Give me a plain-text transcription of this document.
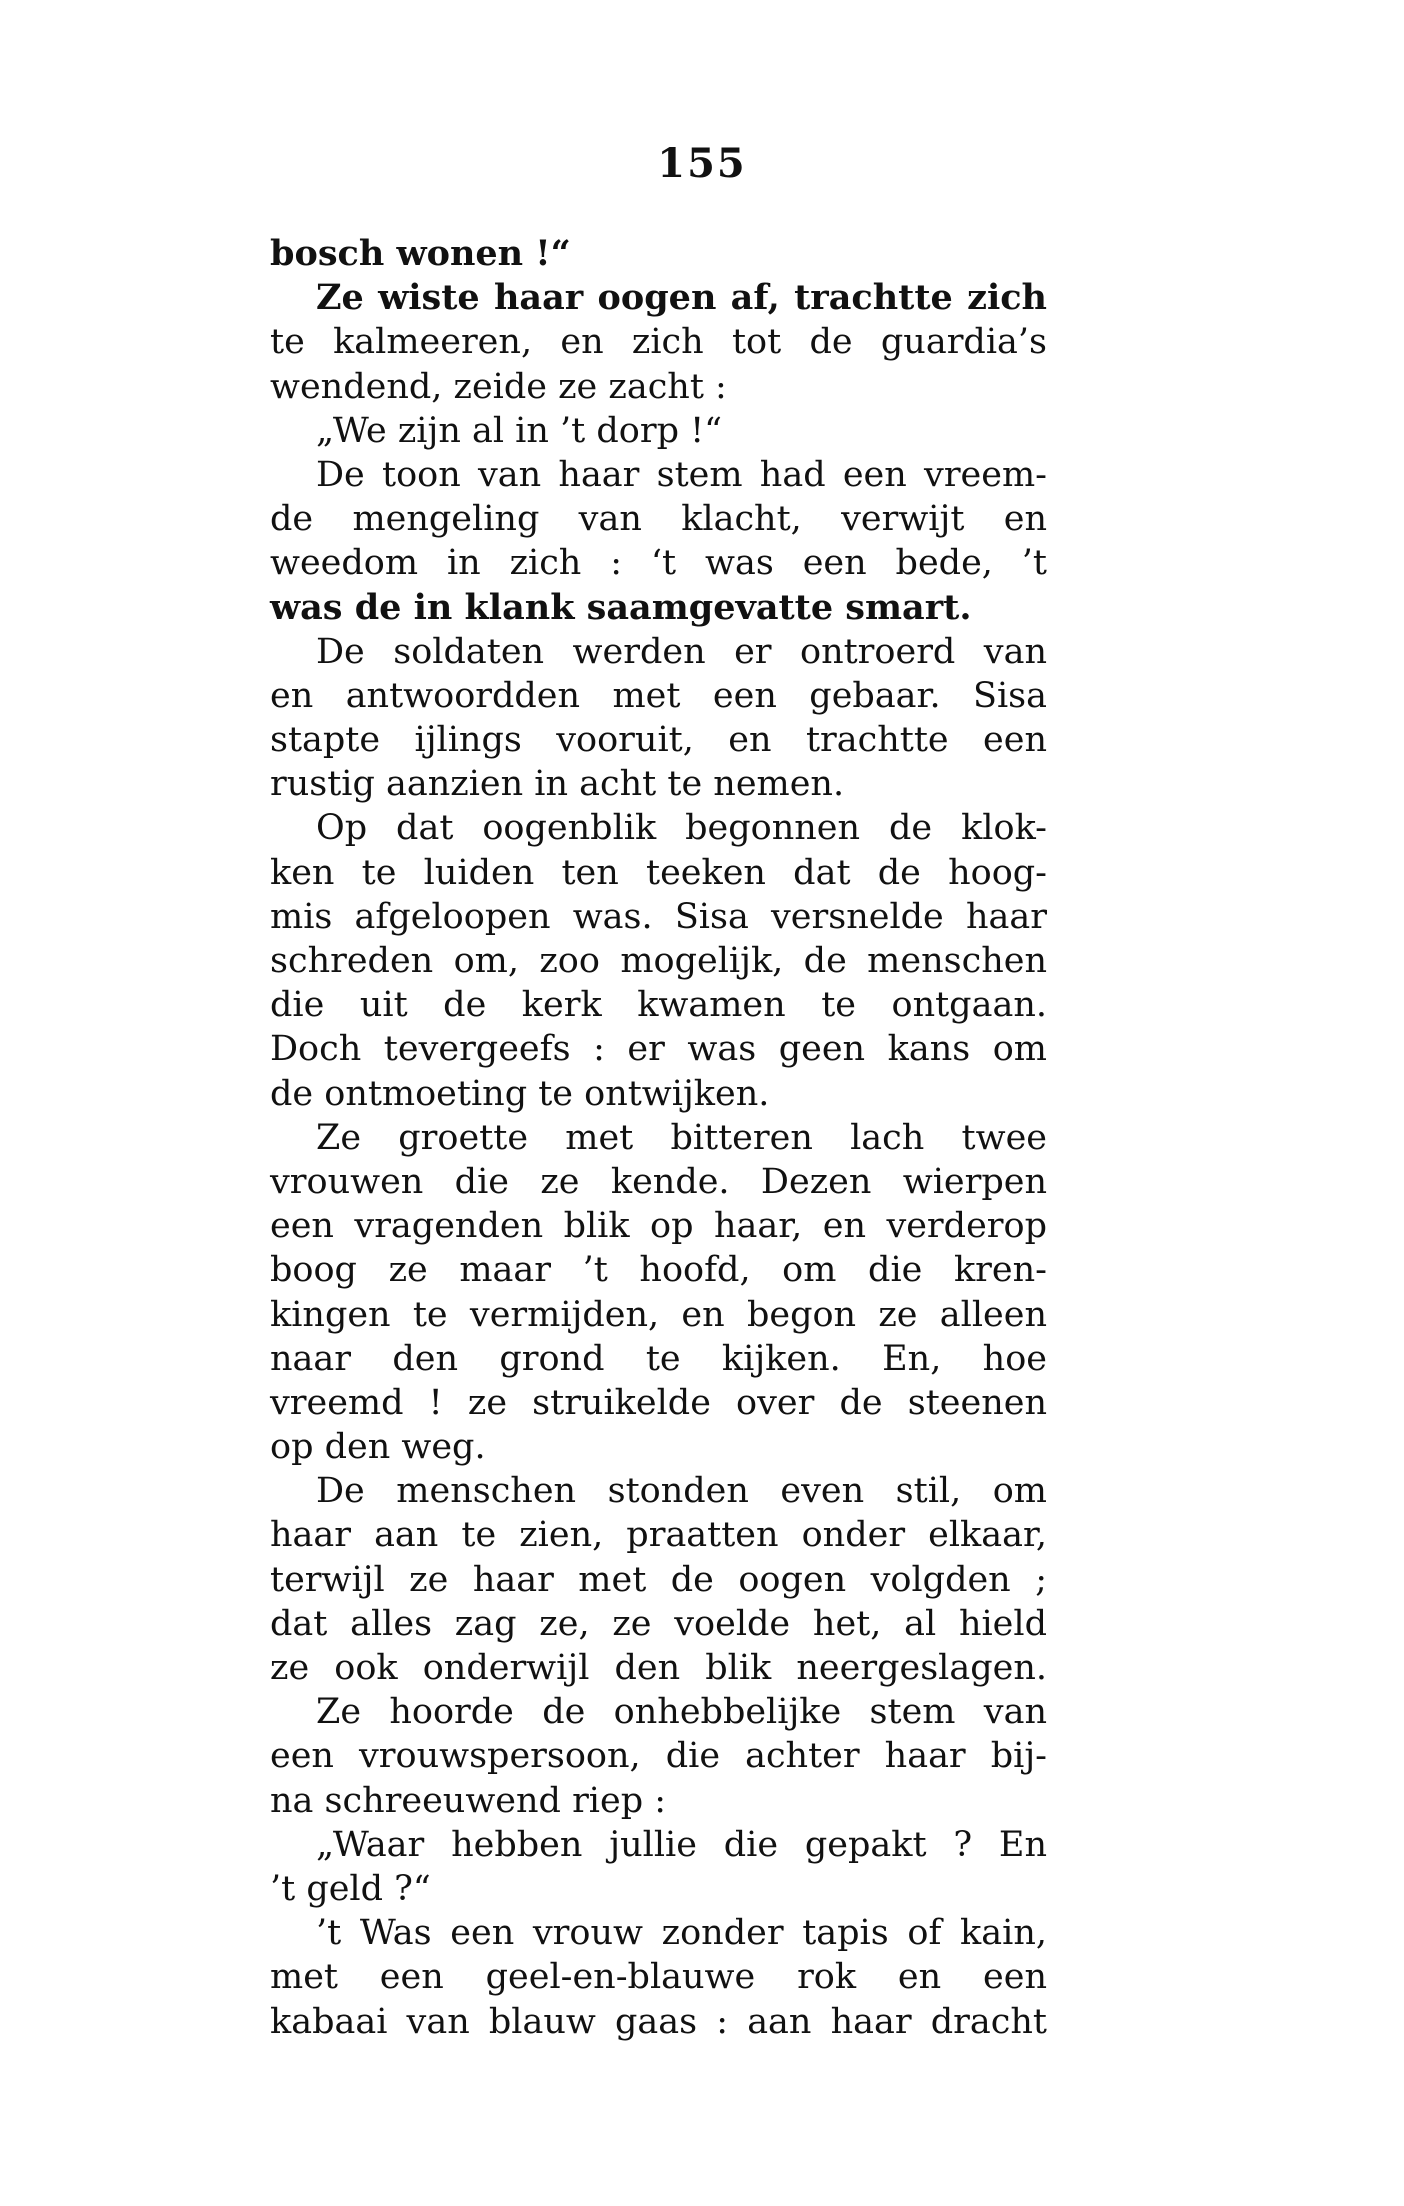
155
bosch wonen !“
Ze wiste haar oogen af, trachtte zich
te kalmeeren, en zich tot de guardia’s
wendend, zeide ze zacht :
„We zijn al in ’t dorp !“
De toon van haar stem had een vreem-
de mengeling van klacht, verwijt en
weedom in zich : ‘t was een bede, ’t
was de in klank saamgevatte smart.
De soldaten werden er ontroerd van
en antwoordden met een gebaar. Sisa
stapte ijlings vooruit, en trachtte een
rustig aanzien in acht te nemen.
Op dat oogenblik begonnen de klok-
ken te luiden ten teeken dat de hoog-
mis afgeloopen was. Sisa versnelde haar
schreden om, zoo mogelijk, de menschen
die uit de kerk kwamen te ontgaan.
Doch tevergeefs : er was geen kans om
de ontmoeting te ontwijken.
Ze groette met bitteren lach twee
vrouwen die ze kende. Dezen wierpen
een vragenden blik op haar, en verderop
boog ze maar ’t hoofd, om die kren-
kingen te vermijden, en begon ze alleen
naar den grond te kijken. En, hoe
vreemd ! ze struikelde over de steenen
op den weg.
De menschen stonden even stil, om
haar aan te zien, praatten onder elkaar,
terwijl ze haar met de oogen volgden ;
dat alles zag ze, ze voelde het, al hield
ze ook onderwijl den blik neergeslagen.
Ze hoorde de onhebbelijke stem van
een vrouwspersoon, die achter haar bij-
na schreeuwend riep :
„Waar hebben jullie die gepakt ? En
’t geld ?“
’t Was een vrouw zonder tapis of kain,
met een geel-en-blauwe rok en een
kabaai van blauw gaas : aan haar dracht
